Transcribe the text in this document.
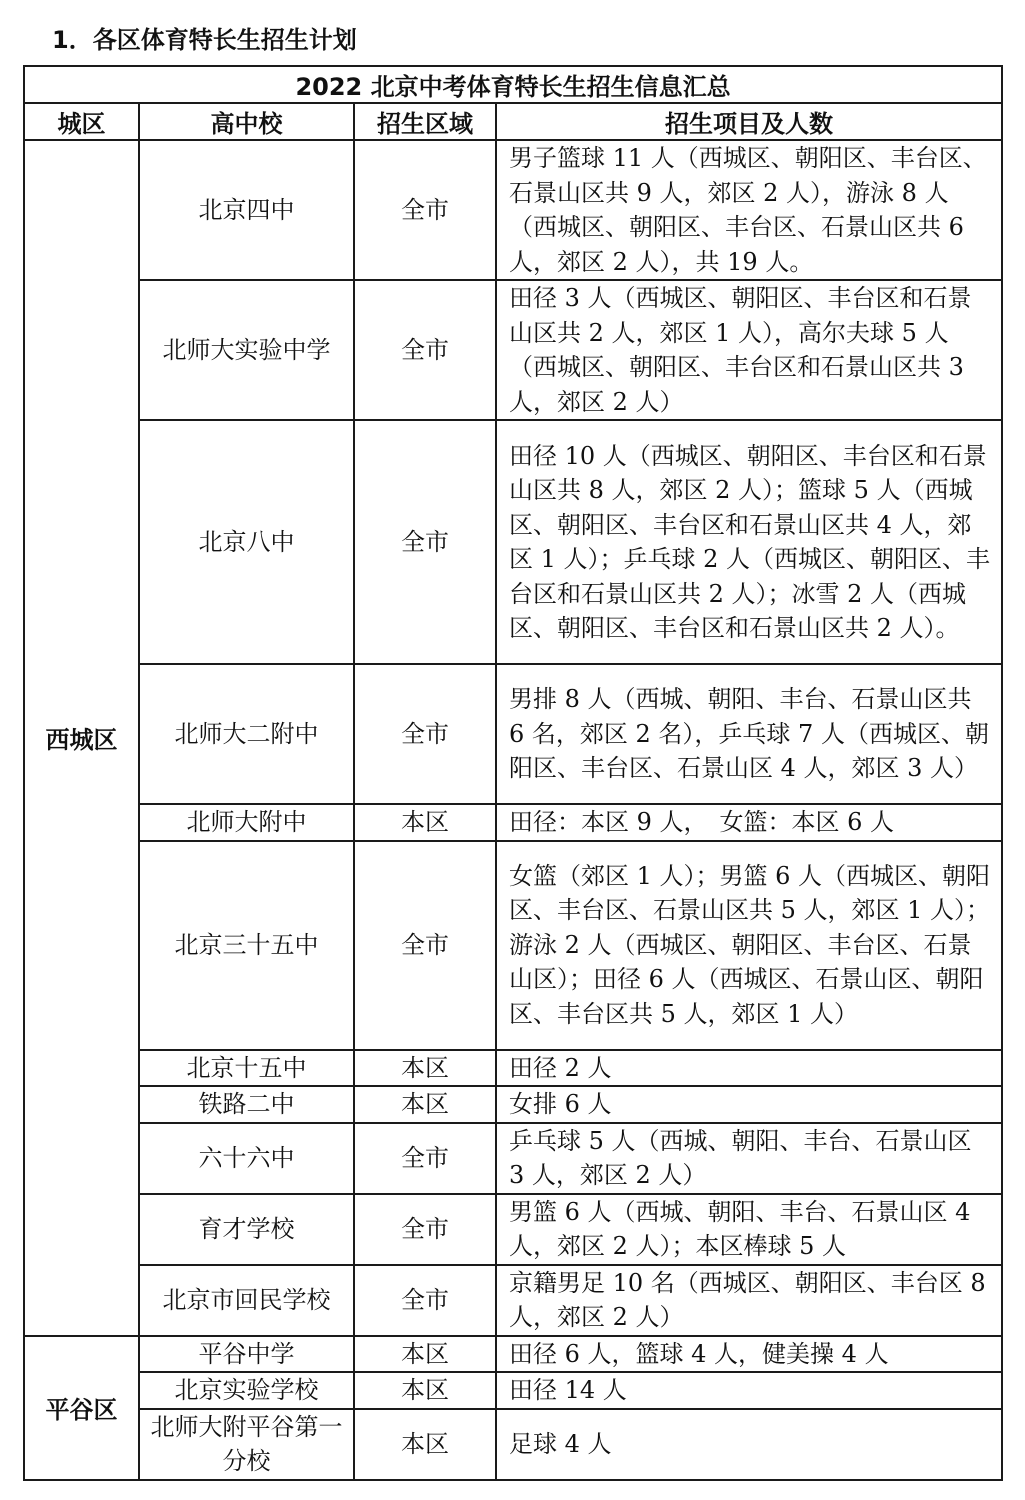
1．各区体育特长生招生计划
2022 北京中考体育特长生招生信息汇总			
城区	高中校	招生区域	招生项目及人数
西城区	北京四中	全市	男子篮球 11 人（西城区、朝阳区、丰台区、石景山区共 9 人，郊区 2 人），游泳 8 人（西城区、朝阳区、丰台区、石景山区共 6 人，郊区 2 人），共 19 人。
	北师大实验中学	全市	田径 3 人（西城区、朝阳区、丰台区和石景山区共 2 人，郊区 1 人），高尔夫球 5 人（西城区、朝阳区、丰台区和石景山区共 3 人，郊区 2 人）
	北京八中	全市	田径 10 人（西城区、朝阳区、丰台区和石景山区共 8 人，郊区 2 人）；篮球 5 人（西城区、朝阳区、丰台区和石景山区共 4 人，郊区 1 人）；乒乓球 2 人（西城区、朝阳区、丰台区和石景山区共 2 人）；冰雪 2 人（西城区、朝阳区、丰台区和石景山区共 2 人）。
	北师大二附中	全市	男排 8 人（西城、朝阳、丰台、石景山区共 6 名，郊区 2 名），乒乓球 7 人（西城区、朝阳区、丰台区、石景山区 4 人，郊区 3 人）
	北师大附中	本区	田径：本区 9 人，　女篮：本区 6 人
	北京三十五中	全市	女篮（郊区 1 人）；男篮 6 人（西城区、朝阳区、丰台区、石景山区共 5 人，郊区 1 人）；游泳 2 人（西城区、朝阳区、丰台区、石景山区）；田径 6 人（西城区、石景山区、朝阳区、丰台区共 5 人，郊区 1 人）
	北京十五中	本区	田径 2 人
	铁路二中	本区	女排 6 人
	六十六中	全市	乒乓球 5 人（西城、朝阳、丰台、石景山区 3 人，郊区 2 人）
	育才学校	全市	男篮 6 人（西城、朝阳、丰台、石景山区 4 人，郊区 2 人）；本区棒球 5 人
	北京市回民学校	全市	京籍男足 10 名（西城区、朝阳区、丰台区 8 人，郊区 2 人）
平谷区	平谷中学	本区	田径 6 人，篮球 4 人，健美操 4 人
	北京实验学校	本区	田径 14 人
	北师大附平谷第一分校	本区	足球 4 人
